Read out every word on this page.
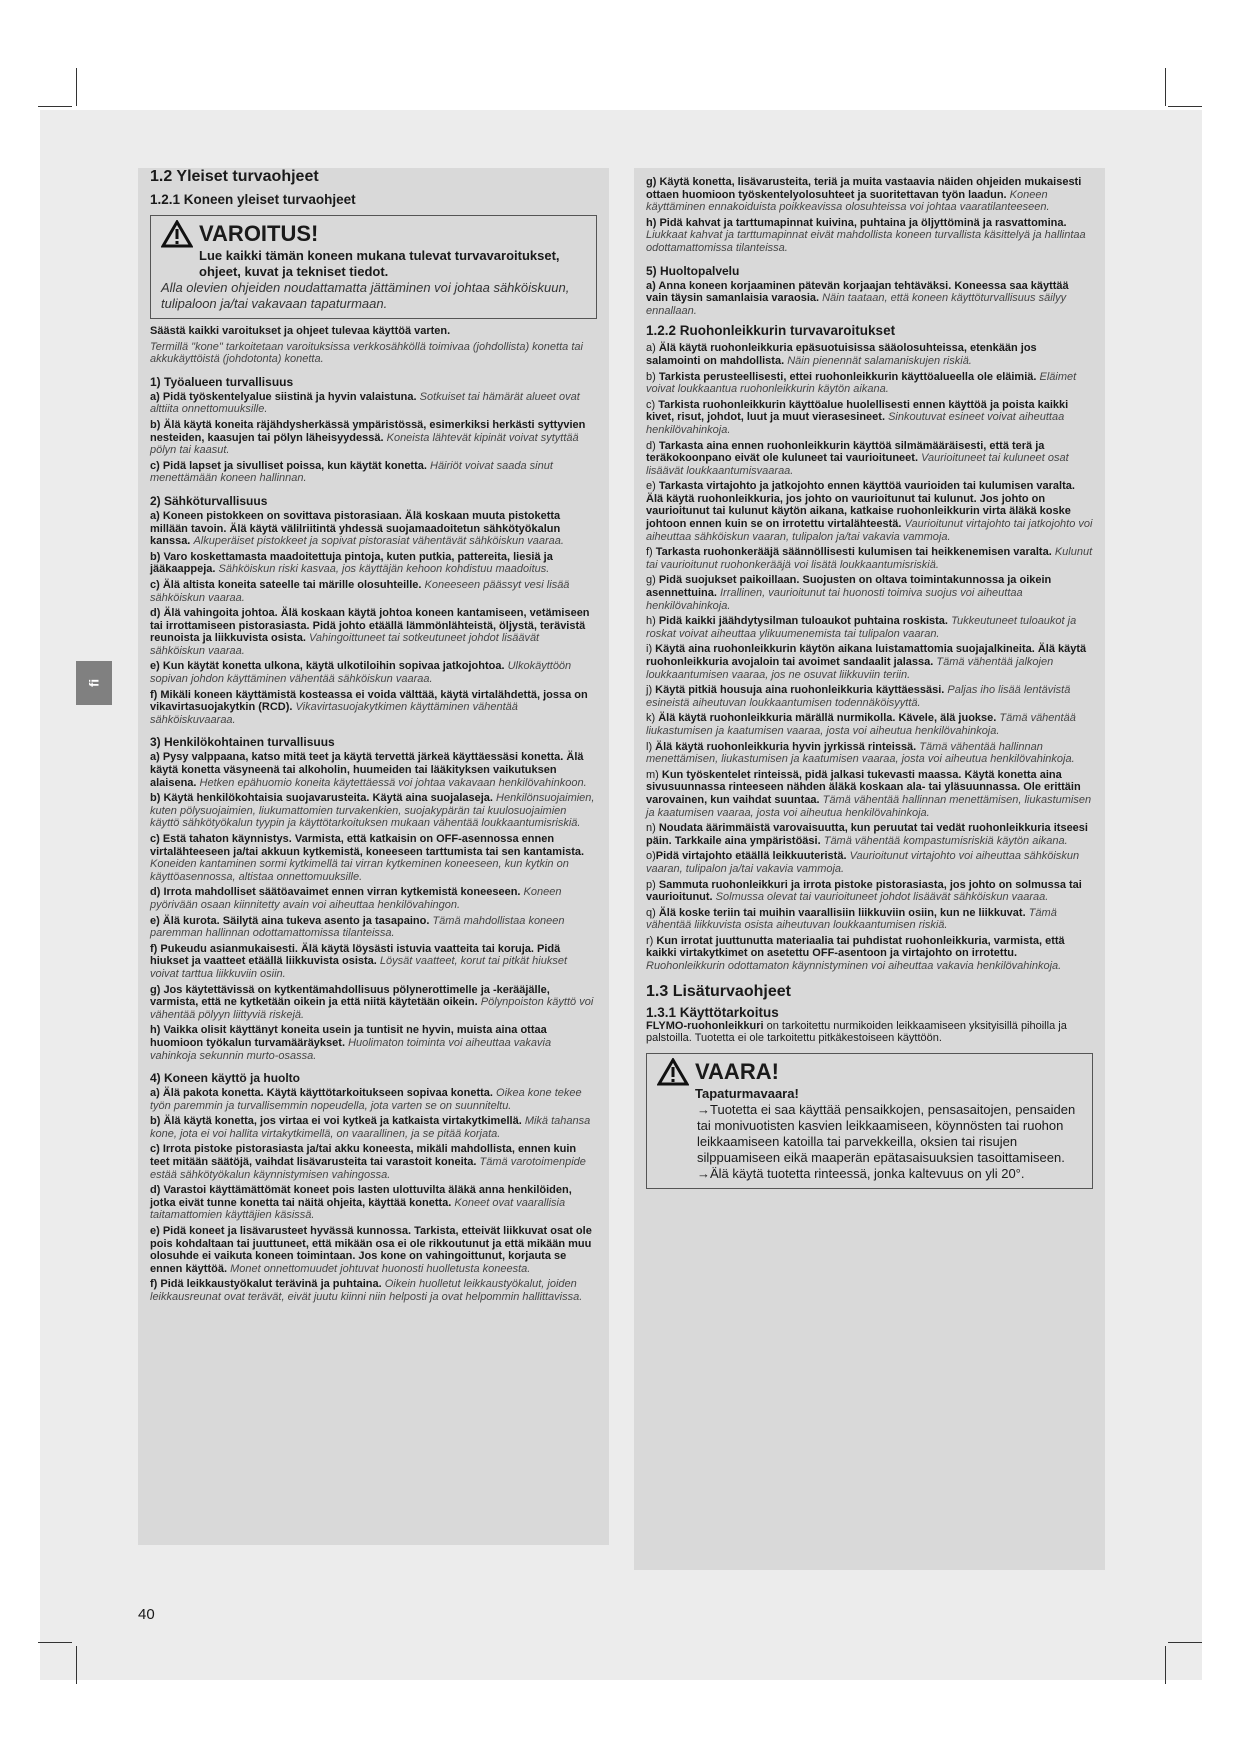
fi
1.2 Yleiset turvaohjeet
1.2.1 Koneen yleiset turvaohjeet
VAROITUS!
Lue kaikki tämän koneen mukana tulevat turvavaroitukset, ohjeet, kuvat ja tekniset tiedot.
Alla olevien ohjeiden noudattamatta jättäminen voi johtaa sähköiskuun, tulipaloon ja/tai vakavaan tapaturmaan.

Säästä kaikki varoitukset ja ohjeet tulevaa käyttöä varten.

Termillä "kone" tarkoitetaan varoituksissa verkkosähköllä toimivaa (johdollista) konetta tai akkukäyttöistä (johdotonta) konetta.

1) Työalueen turvallisuus

a) Pidä työskentelyalue siistinä ja hyvin valaistuna. Sotkuiset tai hämärät alueet ovat alttiita onnettomuuksille.

b) Älä käytä koneita räjähdysherkässä ympäristössä, esimerkiksi herkästi syttyvien nesteiden, kaasujen tai pölyn läheisyydessä. Koneista lähtevät kipinät voivat sytyttää pölyn tai kaasut.

c) Pidä lapset ja sivulliset poissa, kun käytät konetta. Häiriöt voivat saada sinut menettämään koneen hallinnan.

2) Sähköturvallisuus

a) Koneen pistokkeen on sovittava pistorasiaan. Älä koskaan muuta pistoketta millään tavoin. Älä käytä välilriitintä yhdessä suojamaadoitetun sähkötyökalun kanssa. Alkuperäiset pistokkeet ja sopivat pistorasiat vähentävät sähköiskun vaaraa.

b) Varo koskettamasta maadoitettuja pintoja, kuten putkia, pattereita, liesiä ja jääkaappeja. Sähköiskun riski kasvaa, jos käyttäjän kehoon kohdistuu maadoitus.

c) Älä altista koneita sateelle tai märille olosuhteille. Koneeseen päässyt vesi lisää sähköiskun vaaraa.

d) Älä vahingoita johtoa. Älä koskaan käytä johtoa koneen kantamiseen, vetämiseen tai irrottamiseen pistorasiasta. Pidä johto etäällä lämmönlähteistä, öljystä, terävistä reunoista ja liikkuvista osista. Vahingoittuneet tai sotkeutuneet johdot lisäävät sähköiskun vaaraa.

e) Kun käytät konetta ulkona, käytä ulkotiloihin sopivaa jatkojohtoa. Ulkokäyttöön sopivan johdon käyttäminen vähentää sähköiskun vaaraa.

f) Mikäli koneen käyttämistä kosteassa ei voida välttää, käytä virtalähdettä, jossa on vikavirtasuojakytkin (RCD). Vikavirtasuojakytkimen käyttäminen vähentää sähköiskuvaaraa.

3) Henkilökohtainen turvallisuus

a) Pysy valppaana, katso mitä teet ja käytä tervettä järkeä käyttäessäsi konetta. Älä käytä konetta väsyneenä tai alkoholin, huumeiden tai lääkityksen vaikutuksen alaisena. Hetken epähuomio koneita käytettäessä voi johtaa vakavaan henkilövahinkoon.

b) Käytä henkilökohtaisia suojavarusteita. Käytä aina suojalaseja. Henkilönsuojaimien, kuten pölysuojaimien, liukumattomien turvakenkien, suojakypärän tai kuulosuojaimien käyttö sähkötyökalun tyypin ja käyttötarkoituksen mukaan vähentää loukkaantumisriskiä.

c) Estä tahaton käynnistys. Varmista, että katkaisin on OFF-asennossa ennen virtalähteeseen ja/tai akkuun kytkemistä, koneeseen tarttumista tai sen kantamista. Koneiden kantaminen sormi kytkimellä tai virran kytkeminen koneeseen, kun kytkin on käyttöasennossa, altistaa onnettomuuksille.

d) Irrota mahdolliset säätöavaimet ennen virran kytkemistä koneeseen. Koneen pyörivään osaan kiinnitetty avain voi aiheuttaa henkilövahingon.

e) Älä kurota. Säilytä aina tukeva asento ja tasapaino. Tämä mahdollistaa koneen paremman hallinnan odottamattomissa tilanteissa.

f) Pukeudu asianmukaisesti. Älä käytä löysästi istuvia vaatteita tai koruja. Pidä hiukset ja vaatteet etäällä liikkuvista osista. Löysät vaatteet, korut tai pitkät hiukset voivat tarttua liikkuviin osiin.

g) Jos käytettävissä on kytkentämahdollisuus pölynerottimelle ja -kerääjälle, varmista, että ne kytketään oikein ja että niitä käytetään oikein. Pölynpoiston käyttö voi vähentää pölyyn liittyviä riskejä.

h) Vaikka olisit käyttänyt koneita usein ja tuntisit ne hyvin, muista aina ottaa huomioon työkalun turvamääräykset. Huolimaton toiminta voi aiheuttaa vakavia vahinkoja sekunnin murto-osassa.

4) Koneen käyttö ja huolto

a) Älä pakota konetta. Käytä käyttötarkoitukseen sopivaa konetta. Oikea kone tekee työn paremmin ja turvallisemmin nopeudella, jota varten se on suunniteltu.

b) Älä käytä konetta, jos virtaa ei voi kytkeä ja katkaista virtakytkimellä. Mikä tahansa kone, jota ei voi hallita virtakytkimellä, on vaarallinen, ja se pitää korjata.

c) Irrota pistoke pistorasiasta ja/tai akku koneesta, mikäli mahdollista, ennen kuin teet mitään säätöjä, vaihdat lisävarusteita tai varastoit koneita. Tämä varotoimenpide estää sähkötyökalun käynnistymisen vahingossa.

d) Varastoi käyttämättömät koneet pois lasten ulottuvilta äläkä anna henkilöiden, jotka eivät tunne konetta tai näitä ohjeita, käyttää konetta. Koneet ovat vaarallisia taitamattomien käyttäjien käsissä.

e) Pidä koneet ja lisävarusteet hyvässä kunnossa. Tarkista, etteivät liikkuvat osat ole pois kohdaltaan tai juuttuneet, että mikään osa ei ole rikkoutunut ja että mikään muu olosuhde ei vaikuta koneen toimintaan. Jos kone on vahingoittunut, korjauta se ennen käyttöä. Monet onnettomuudet johtuvat huonosti huolletusta koneesta.

f) Pidä leikkaustyökalut terävinä ja puhtaina. Oikein huolletut leikkaustyökalut, joiden leikkausreunat ovat terävät, eivät juutu kiinni niin helposti ja ovat helpommin hallittavissa.

g) Käytä konetta, lisävarusteita, teriä ja muita vastaavia näiden ohjeiden mukaisesti ottaen huomioon työskentelyolosuhteet ja suoritettavan työn laadun. Koneen käyttäminen ennakoiduista poikkeavissa olosuhteissa voi johtaa vaaratilanteeseen.

h) Pidä kahvat ja tarttumapinnat kuivina, puhtaina ja öljyttöminä ja rasvattomina. Liukkaat kahvat ja tarttumapinnat eivät mahdollista koneen turvallista käsittelyä ja hallintaa odottamattomissa tilanteissa.

5) Huoltopalvelu

a) Anna koneen korjaaminen pätevän korjaajan tehtäväksi. Koneessa saa käyttää vain täysin samanlaisia varaosia. Näin taataan, että koneen käyttöturvallisuus säilyy ennallaan.

1.2.2 Ruohonleikkurin turvavaroitukset

a) Älä käytä ruohonleikkuria epäsuotuisissa sääolosuhteissa, etenkään jos salamointi on mahdollista. Näin pienennät salamaniskujen riskiä.

b) Tarkista perusteellisesti, ettei ruohonleikkurin käyttöalueella ole eläimiä. Eläimet voivat loukkaantua ruohonleikkurin käytön aikana.

c) Tarkista ruohonleikkurin käyttöalue huolellisesti ennen käyttöä ja poista kaikki kivet, risut, johdot, luut ja muut vierasesineet. Sinkoutuvat esineet voivat aiheuttaa henkilövahinkoja.

d) Tarkasta aina ennen ruohonleikkurin käyttöä silmämääräisesti, että terä ja teräkokoonpano eivät ole kuluneet tai vaurioituneet. Vaurioituneet tai kuluneet osat lisäävät loukkaantumisvaaraa.

e) Tarkasta virtajohto ja jatkojohto ennen käyttöä vaurioiden tai kulumisen varalta. Älä käytä ruohonleikkuria, jos johto on vaurioitunut tai kulunut. Jos johto on vaurioitunut tai kulunut käytön aikana, katkaise ruohonleikkurin virta äläkä koske johtoon ennen kuin se on irrotettu virtalähteestä. Vaurioitunut virtajohto tai jatkojohto voi aiheuttaa sähköiskun vaaran, tulipalon ja/tai vakavia vammoja.

f) Tarkasta ruohonkerääjä säännöllisesti kulumisen tai heikkenemisen varalta. Kulunut tai vaurioitunut ruohonkerääjä voi lisätä loukkaantumisriskiä.

g) Pidä suojukset paikoillaan. Suojusten on oltava toimintakunnossa ja oikein asennettuina. Irrallinen, vaurioitunut tai huonosti toimiva suojus voi aiheuttaa henkilövahinkoja.

h) Pidä kaikki jäähdytysilman tuloaukot puhtaina roskista. Tukkeutuneet tuloaukot ja roskat voivat aiheuttaa ylikuumenemista tai tulipalon vaaran.

i) Käytä aina ruohonleikkurin käytön aikana luistamattomia suojajalkineita. Älä käytä ruohonleikkuria avojaloin tai avoimet sandaalit jalassa. Tämä vähentää jalkojen loukkaantumisen vaaraa, jos ne osuvat liikkuviin teriin.

j) Käytä pitkiä housuja aina ruohonleikkuria käyttäessäsi. Paljas iho lisää lentävistä esineistä aiheutuvan loukkaantumisen todennäköisyyttä.

k) Älä käytä ruohonleikkuria märällä nurmikolla. Kävele, älä juokse. Tämä vähentää liukastumisen ja kaatumisen vaaraa, josta voi aiheutua henkilövahinkoja.

l) Älä käytä ruohonleikkuria hyvin jyrkissä rinteissä. Tämä vähentää hallinnan menettämisen, liukastumisen ja kaatumisen vaaraa, josta voi aiheutua henkilövahinkoja.

m) Kun työskentelet rinteissä, pidä jalkasi tukevasti maassa. Käytä konetta aina sivusuunnassa rinteeseen nähden äläkä koskaan ala- tai yläsuunnassa. Ole erittäin varovainen, kun vaihdat suuntaa. Tämä vähentää hallinnan menettämisen, liukastumisen ja kaatumisen vaaraa, josta voi aiheutua henkilövahinkoja.

n) Noudata äärimmäistä varovaisuutta, kun peruutat tai vedät ruohonleikkuria itseesi päin. Tarkkaile aina ympäristöäsi. Tämä vähentää kompastumisriskiä käytön aikana.

o)Pidä virtajohto etäällä leikkuuteristä. Vaurioitunut virtajohto voi aiheuttaa sähköiskun vaaran, tulipalon ja/tai vakavia vammoja.

p) Sammuta ruohonleikkuri ja irrota pistoke pistorasiasta, jos johto on solmussa tai vaurioitunut. Solmussa olevat tai vaurioituneet johdot lisäävät sähköiskun vaaraa.

q) Älä koske teriin tai muihin vaarallisiin liikkuviin osiin, kun ne liikkuvat. Tämä vähentää liikkuvista osista aiheutuvan loukkaantumisen riskiä.

r) Kun irrotat juuttunutta materiaalia tai puhdistat ruohonleikkuria, varmista, että kaikki virtakytkimet on asetettu OFF-asentoon ja virtajohto on irrotettu. Ruohonleikkurin odottamaton käynnistyminen voi aiheuttaa vakavia henkilövahinkoja.

1.3 Lisäturvaohjeet
1.3.1 Käyttötarkoitus

FLYMO-ruohonleikkuri on tarkoitettu nurmikoiden leikkaamiseen yksityisillä pihoilla ja palstoilla. Tuotetta ei ole tarkoitettu pitkäkestoiseen käyttöön.

VAARA!
Tapaturmavaara!
→Tuotetta ei saa käyttää pensaikkojen, pensasaitojen, pensaiden tai monivuotisten kasvien leikkaamiseen, köynnösten tai ruohon leikkaamiseen katoilla tai parvekkeilla, oksien tai risujen silppuamiseen eikä maaperän epätasaisuuksien tasoittamiseen.
→Älä käytä tuotetta rinteessä, jonka kaltevuus on yli 20°.
40
